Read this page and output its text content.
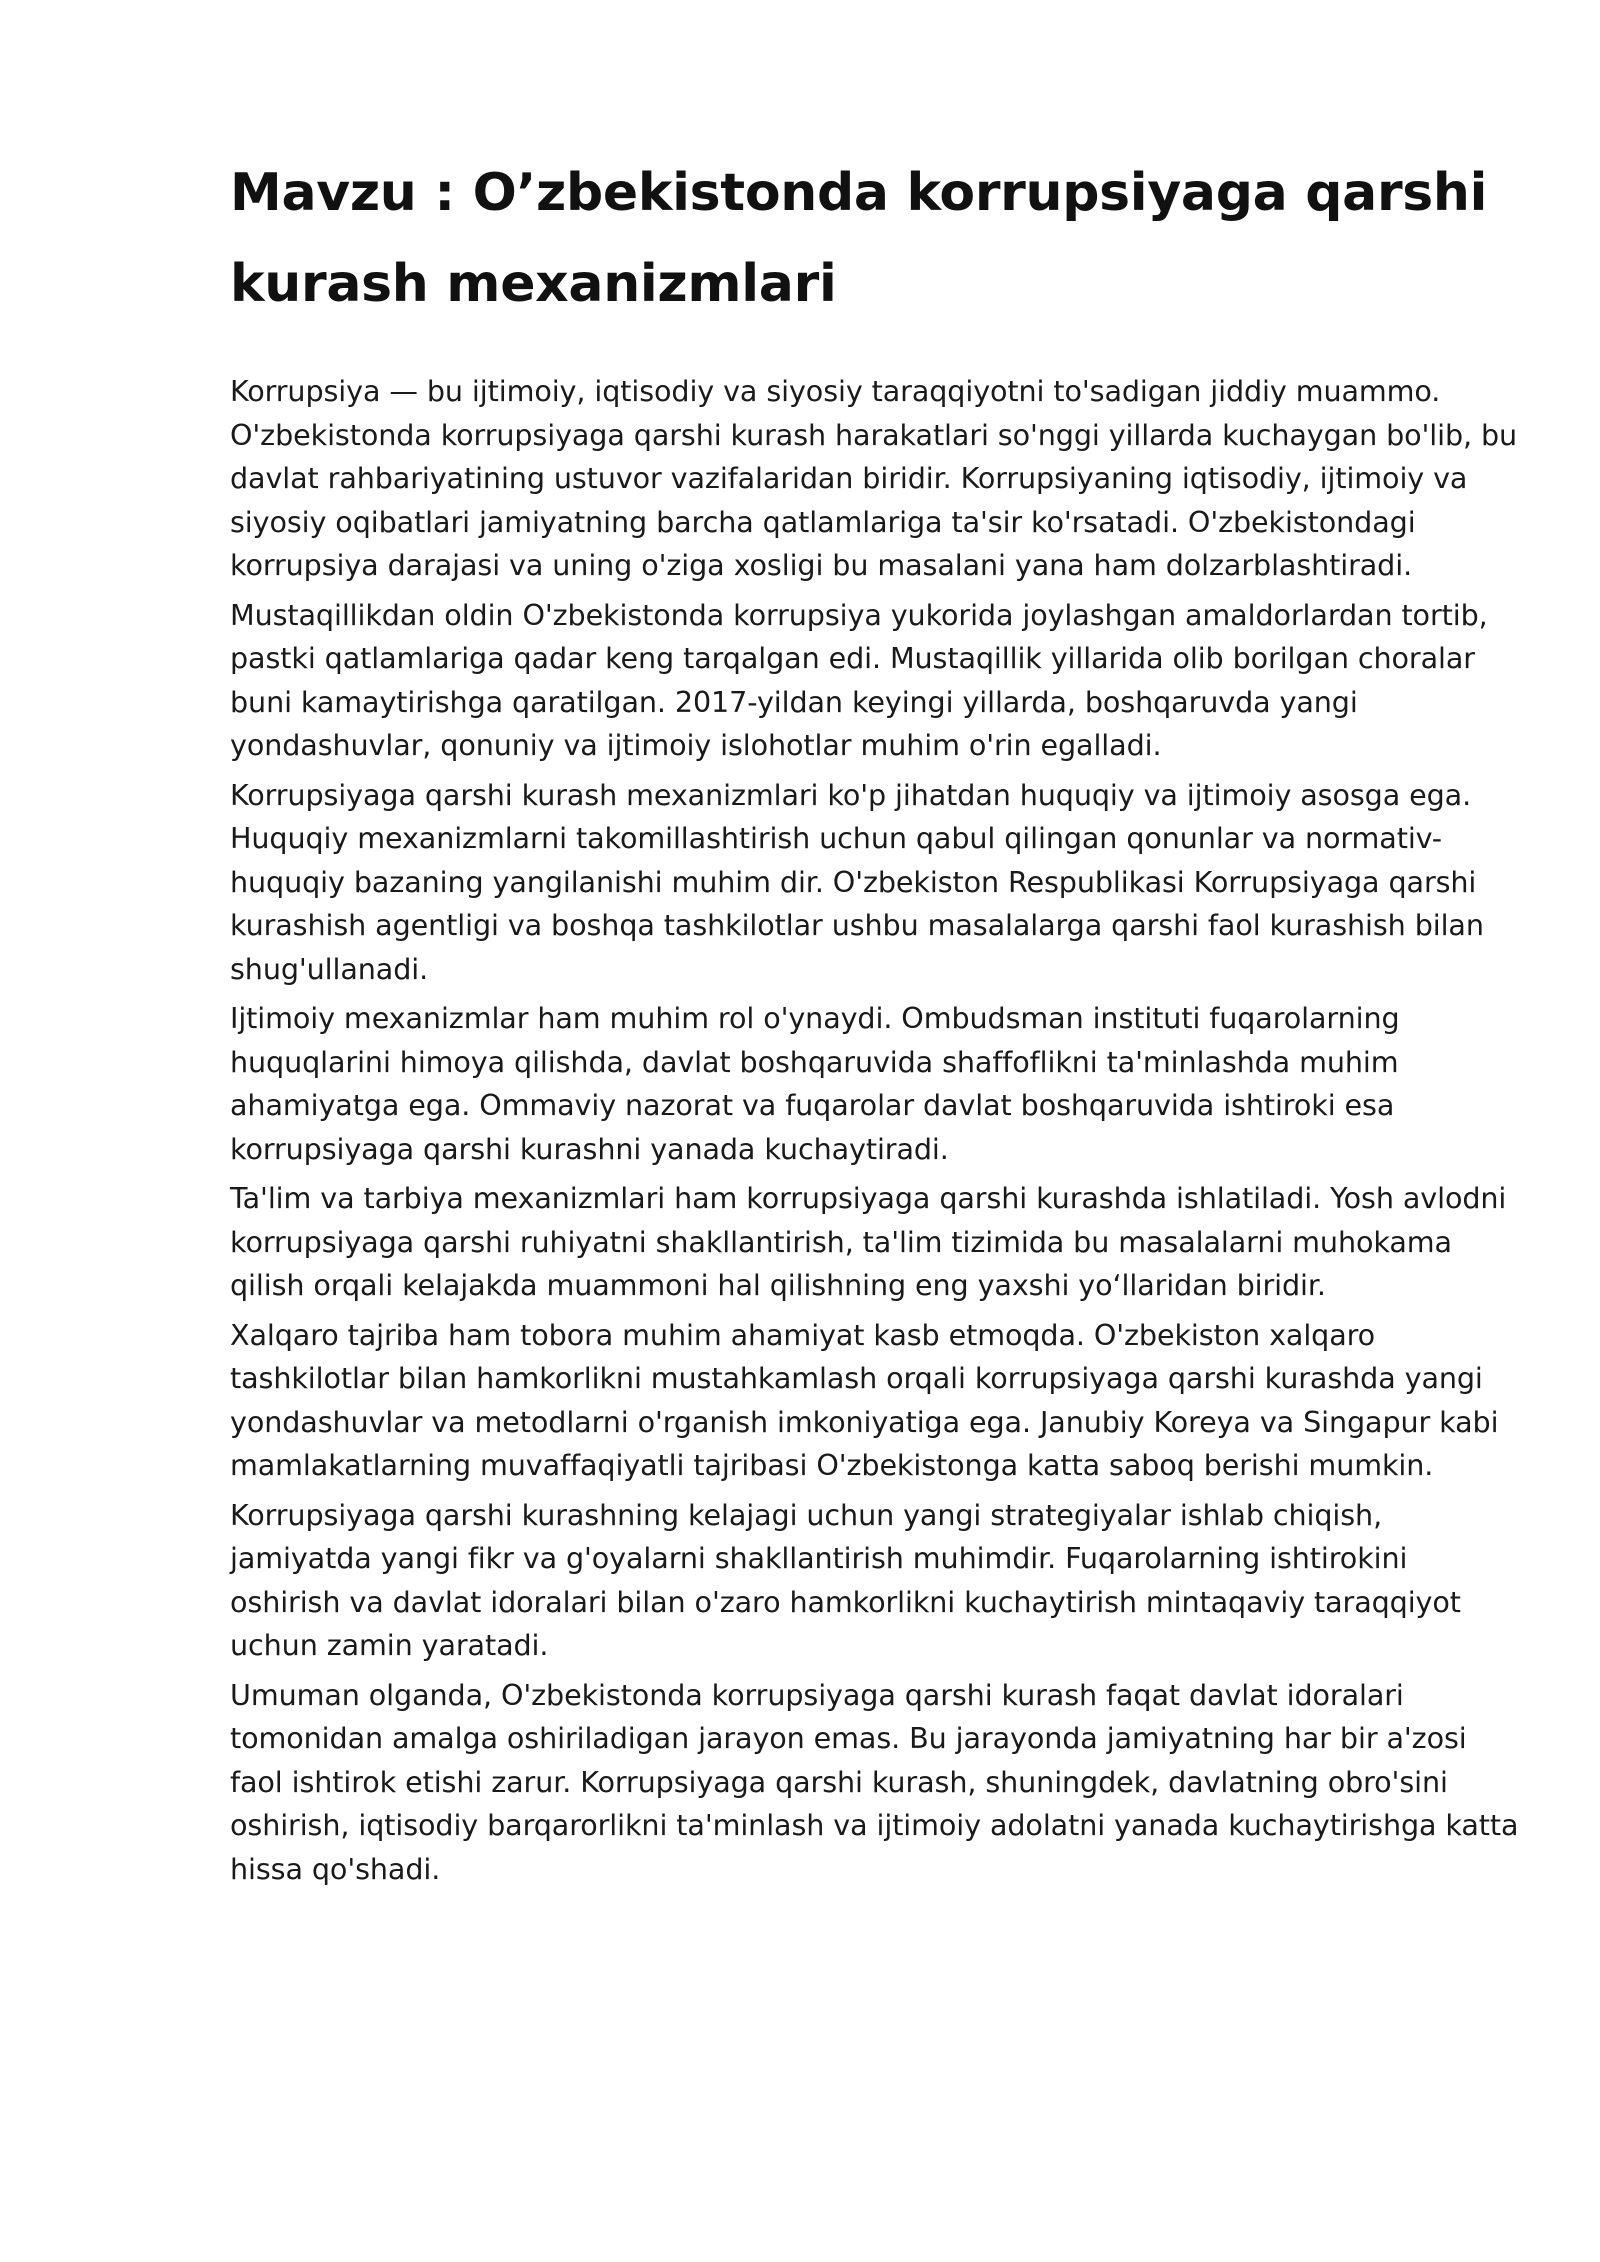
Mavzu : O’zbekistonda korrupsiyaga qarshi kurash mexanizmlari

Korrupsiya — bu ijtimoiy, iqtisodiy va siyosiy taraqqiyotni to'sadigan jiddiy muammo. O'zbekistonda korrupsiyaga qarshi kurash harakatlari so'nggi yillarda kuchaygan bo'lib, bu davlat rahbariyatining ustuvor vazifalaridan biridir. Korrupsiyaning iqtisodiy, ijtimoiy va siyosiy oqibatlari jamiyatning barcha qatlamlariga ta'sir ko'rsatadi. O'zbekistondagi korrupsiya darajasi va uning o'ziga xosligi bu masalani yana ham dolzarblashtiradi.

Mustaqillikdan oldin O'zbekistonda korrupsiya yukorida joylashgan amaldorlardan tortib, pastki qatlamlariga qadar keng tarqalgan edi. Mustaqillik yillarida olib borilgan choralar buni kamaytirishga qaratilgan. 2017-yildan keyingi yillarda, boshqaruvda yangi yondashuvlar, qonuniy va ijtimoiy islohotlar muhim o'rin egalladi.

Korrupsiyaga qarshi kurash mexanizmlari ko'p jihatdan huquqiy va ijtimoiy asosga ega. Huquqiy mexanizmlarni takomillashtirish uchun qabul qilingan qonunlar va normativ-huquqiy bazaning yangilanishi muhim dir. O'zbekiston Respublikasi Korrupsiyaga qarshi kurashish agentligi va boshqa tashkilotlar ushbu masalalarga qarshi faol kurashish bilan shug'ullanadi.

Ijtimoiy mexanizmlar ham muhim rol o'ynaydi. Ombudsman instituti fuqarolarning huquqlarini himoya qilishda, davlat boshqaruvida shaffoflikni ta'minlashda muhim ahamiyatga ega. Ommaviy nazorat va fuqarolar davlat boshqaruvida ishtiroki esa korrupsiyaga qarshi kurashni yanada kuchaytiradi.

Ta'lim va tarbiya mexanizmlari ham korrupsiyaga qarshi kurashda ishlatiladi. Yosh avlodni korrupsiyaga qarshi ruhiyatni shakllantirish, ta'lim tizimida bu masalalarni muhokama qilish orqali kelajakda muammoni hal qilishning eng yaxshi yoʻllaridan biridir.

Xalqaro tajriba ham tobora muhim ahamiyat kasb etmoqda. O'zbekiston xalqaro tashkilotlar bilan hamkorlikni mustahkamlash orqali korrupsiyaga qarshi kurashda yangi yondashuvlar va metodlarni o'rganish imkoniyatiga ega. Janubiy Koreya va Singapur kabi mamlakatlarning muvaffaqiyatli tajribasi O'zbekistonga katta saboq berishi mumkin.

Korrupsiyaga qarshi kurashning kelajagi uchun yangi strategiyalar ishlab chiqish, jamiyatda yangi fikr va g'oyalarni shakllantirish muhimdir. Fuqarolarning ishtirokini oshirish va davlat idoralari bilan o'zaro hamkorlikni kuchaytirish mintaqaviy taraqqiyot uchun zamin yaratadi.

Umuman olganda, O'zbekistonda korrupsiyaga qarshi kurash faqat davlat idoralari tomonidan amalga oshiriladigan jarayon emas. Bu jarayonda jamiyatning har bir a'zosi faol ishtirok etishi zarur. Korrupsiyaga qarshi kurash, shuningdek, davlatning obro'sini oshirish, iqtisodiy barqarorlikni ta'minlash va ijtimoiy adolatni yanada kuchaytirishga katta hissa qo'shadi.
